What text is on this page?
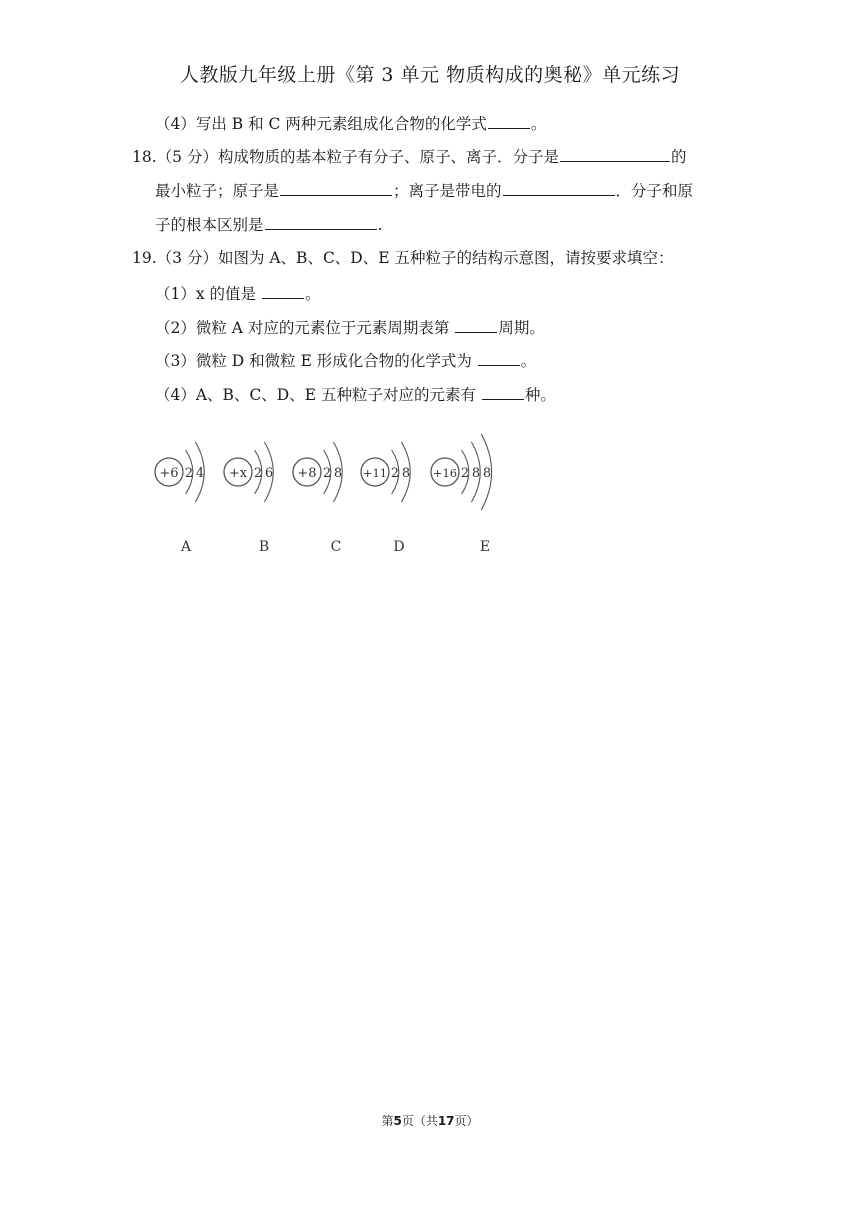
人教版九年级上册《第 3 单元 物质构成的奥秘》单元练习
（4）写出 B 和 C 两种元素组成化合物的化学式	。
18.（5 分）构成物质的基本粒子有分子、原子、离子．分子是	的
最小粒子；原子是	；离子是带电的	．分子和原
子的根本区别是	.
19.（3 分）如图为 A、B、C、D、E 五种粒子的结构示意图，请按要求填空：
（1）x 的值是	。
（2）微粒 A 对应的元素位于元素周期表第	周期。
（3）微粒 D 和微粒 E 形成化合物的化学式为	。
（4）A、B、C、D、E 五种粒子对应的元素有	种。
+6 2 4
A
+x 2 6
B
+8 2 8
C
+11 2 8
D
+16 2 8 8
E
第5页（共17页）
